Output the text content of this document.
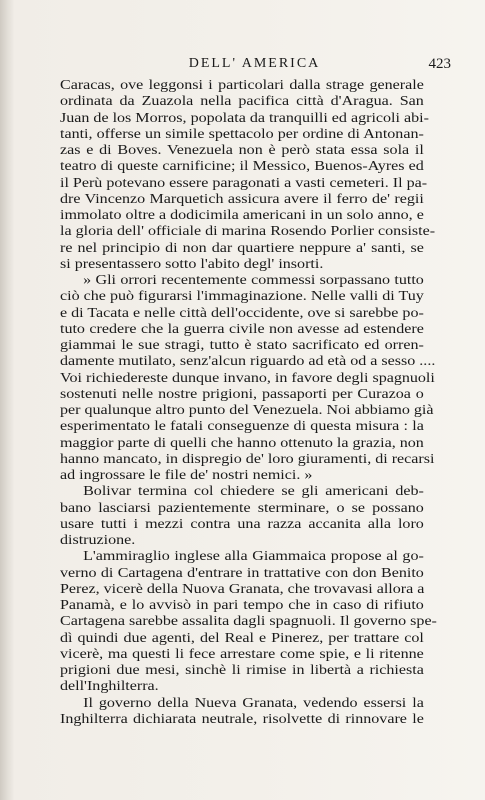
DELL' AMERICA	423
Caracas, ove leggonsi i particolari dalla strage generale
ordinata da Zuazola nella pacifica città d'Aragua. San
Juan de los Morros, popolata da tranquilli ed agricoli abi-
tanti, offerse un simile spettacolo per ordine di Antonan-
zas e di Boves. Venezuela non è però stata essa sola il
teatro di queste carnificine; il Messico, Buenos-Ayres ed
il Perù potevano essere paragonati a vasti cemeteri. Il pa-
dre Vincenzo Marquetich assicura avere il ferro de' regii
immolato oltre a dodicimila americani in un solo anno, e
la gloria dell' officiale di marina Rosendo Porlier consiste-
re nel principio di non dar quartiere neppure a' santi, se
si presentassero sotto l'abito degl' insorti.
» Gli orrori recentemente commessi sorpassano tutto
ciò che può figurarsi l'immaginazione. Nelle valli di Tuy
e di Tacata e nelle città dell'occidente, ove si sarebbe po-
tuto credere che la guerra civile non avesse ad estendere
giammai le sue stragi, tutto è stato sacrificato ed orren-
damente mutilato, senz'alcun riguardo ad età od a sesso ....
Voi richiedereste dunque invano, in favore degli spagnuoli
sostenuti nelle nostre prigioni, passaporti per Curazoa o
per qualunque altro punto del Venezuela. Noi abbiamo già
esperimentato le fatali conseguenze di questa misura : la
maggior parte di quelli che hanno ottenuto la grazia, non
hanno mancato, in dispregio de' loro giuramenti, di recarsi
ad ingrossare le file de' nostri nemici. »
Bolivar termina col chiedere se gli americani deb-
bano lasciarsi pazientemente sterminare, o se possano
usare tutti i mezzi contra una razza accanita alla loro
distruzione.
L'ammiraglio inglese alla Giammaica propose al go-
verno di Cartagena d'entrare in trattative con don Benito
Perez, vicerè della Nuova Granata, che trovavasi allora a
Panamà, e lo avvisò in pari tempo che in caso di rifiuto
Cartagena sarebbe assalita dagli spagnuoli. Il governo spe-
dì quindi due agenti, del Real e Pinerez, per trattare col
vicerè, ma questi li fece arrestare come spie, e li ritenne
prigioni due mesi, sinchè li rimise in libertà a richiesta
dell'Inghilterra.
Il governo della Nueva Granata, vedendo essersi la
Inghilterra dichiarata neutrale, risolvette di rinnovare le
